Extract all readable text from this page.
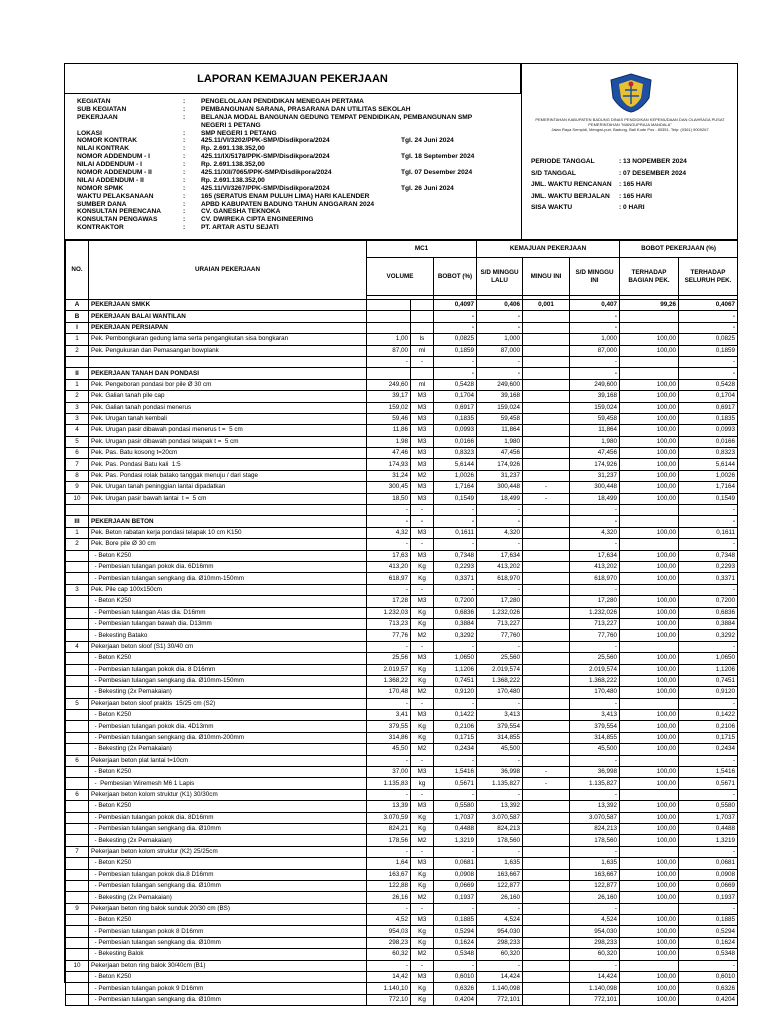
LAPORAN KEMAJUAN PEKERJAAN
PEMERINTAHAN KABUPATEN BADUNG DINAS PENDIDIKAN KEPEMUDAAN DAN OLAHRAGA PUSAT
PEMERINTAHAN "MANGUPRAJA MANDALA"
Jalan Raya Sempidi, Mengwi-puri, Badung, Bali Kode Pos : 80351, Telp: (0361) 9009267
KEGIATAN	PENGELOLAAN PENDIDIKAN MENEGAH PERTAMA
:
SUB KEGIATAN	PEMBANGUNAN SARANA, PRASARANA DAN UTILITAS SEKOLAH
:
PEKERJAAN	BELANJA MODAL BANGUNAN GEDUNG TEMPAT PENDIDIKAN, PEMBANGUNAN SMP
:
NEGERI 1 PETANG
LOKASI	SMP NEGERI 1 PETANG
:
NOMOR KONTRAK	425.11/VI/3202/PPK-SMP/Disdikpora/2024	Tgl. 24 Juni 2024
:
NILAI KONTRAK	Rp. 2.691.138.352,00
:
NOMOR ADDENDUM - I	425.11/IX/5178/PPK-SMP/Disdikpora/2024	Tgl. 18 September 2024
:
NILAI ADDENDUM - I	Rp. 2.691.138.352,00
:
NOMOR ADDENDUM - II	425.11/XII/7065/PPK-SMP/Disdikpora/2024	Tgl. 07 Desember 2024
:
NILAI ADDENDUM - II	Rp. 2.691.138.352,00
:
NOMOR SPMK	425.11/VI/3267/PPK-SMP/Disdikpora/2024	Tgl. 26 Juni 2024
:
WAKTU PELAKSANAAN	165 (SERATUS ENAM PULUH LIMA) HARI KALENDER
:
SUMBER DANA	APBD KABUPATEN BADUNG TAHUN ANGGARAN 2024
:
KONSULTAN PERENCANA	CV. GANESHA TEKNOKA
:
KONSULTAN PENGAWAS	CV. DWIREKA CIPTA ENGINEERING
:
KONTRAKTOR	PT. ARTAR ASTU SEJATI
:
PERIODE TANGGAL	: 13 NOPEMBER 2024
S/D TANGGAL	: 07 DESEMBER 2024
JML. WAKTU RENCANAN : 165 HARI
JML. WAKTU BERJALAN : 165 HARI
SISA WAKTU	: 0 HARI
NO.	URAIAN PEKERJAAN	MC1			KEMAJUAN PEKERJAAN			BOBOT PEKERJAAN (%)	
		VOLUME		BOBOT (%)	S/D MINGGU LALU	MINGU INI	S/D MINGGU INI	TERHADAP BAGIAN PEK.	TERHADAP SELURUH PEK.

A	PEKERJAAN SMKK			0,4097	0,406	0,001	0,407	99,26	0,4067
B	PEKERJAAN BALAI WANTILAN			-	-		-		-
I	PEKERJAAN PERSIAPAN			-	-		-		-
1	Pek. Pembongkaran gedung lama serta pengangkutan sisa bongkaran	1,00	ls	0,0825	1,000		1,000	100,00	0,0825
2	Pek. Pengukuran dan Pemasangan bowplank	87,00	ml	0,1859	87,000		87,000	100,00	0,1859
		-	-	-	-		-		-
II	PEKERJAAN TANAH DAN PONDASI			-	-		-		-
1	Pek. Pengeboran pondasi bor pile Ø 30 cm	249,60	ml	0,5428	249,600		249,600	100,00	0,5428
2	Pek. Galian tanah pile cap	39,17	M3	0,1704	39,168		39,168	100,00	0,1704
3	Pek. Galian tanah pondasi menerus	159,02	M3	0,6917	159,024		159,024	100,00	0,6917
3	Pek. Urugan tanah kembali	59,46	M3	0,1835	59,458		59,458	100,00	0,1835
4	Pek. Urugan pasir dibawah pondasi menerus t =  5 cm	11,86	M3	0,0993	11,864		11,864	100,00	0,0993
5	Pek. Urugan pasir dibawah pondasi telapak t =  5 cm	1,98	M3	0,0166	1,980		1,980	100,00	0,0166
6	Pek. Pas. Batu kosong t=20cm	47,46	M3	0,8323	47,456		47,456	100,00	0,8323
7	Pek. Pas. Pondasi Batu kali  1:5	174,93	M3	5,6144	174,926		174,926	100,00	5,6144
8	Pek. Pas. Pondasi rolak batako tanggak menuju / dari stage	31,24	M2	1,0026	31,237		31,237	100,00	1,0026
9	Pek. Urugan tanah peninggian lantai dipadatkan	300,45	M3	1,7164	300,448	-	300,448	100,00	1,7164
10	Pek. Urugan pasir bawah lantai  t =  5 cm	18,50	M3	0,1549	18,499	-	18,499	100,00	0,1549
		-	-	-	-		-		-
III	PEKERJAAN BETON	-	-	-	-		-		-
1	Pek. Beton rabatan kerja pondasi telapak 10 cm K150	4,32	M3	0,1611	4,320		4,320	100,00	0,1611
2	Pek. Bore pile Ø 30 cm	-	-	-	-		-		-
	- Beton K250	17,63	M3	0,7348	17,634		17,634	100,00	0,7348
	- Pembesian tulangan pokok dia. 6D16mm	413,20	Kg	0,2293	413,202		413,202	100,00	0,2293
	- Pembesian tulangan sengkang dia. Ø10mm-150mm	618,97	Kg	0,3371	618,970		618,970	100,00	0,3371
3	Pek. Pile cap 100x150cm	-	-	-	-		-		-
	- Beton K250	17,28	M3	0,7200	17,280		17,280	100,00	0,7200
	- Pembesian tulangan Atas dia. D16mm	1.232,03	Kg	0,6836	1.232,026		1.232,026	100,00	0,6836
	- Pembesian tulangan bawah dia. D13mm	713,23	Kg	0,3884	713,227		713,227	100,00	0,3884
	- Bekesting Batako	77,76	M2	0,3292	77,760		77,760	100,00	0,3292
4	Pekerjaan beton sloof (S1) 30/40 cm	-	-	-	-		-		-
	- Beton K250	25,56	M3	1,0650	25,560		25,560	100,00	1,0650
	- Pembesian tulangan pokok dia. 8 D16mm	2.019,57	Kg	1,1206	2.019,574		2.019,574	100,00	1,1206
	- Pembesian tulangan sengkang dia. Ø10mm-150mm	1.368,22	Kg	0,7451	1.368,222		1.368,222	100,00	0,7451
	- Bekesting (2x Pemakaian)	170,48	M2	0,9120	170,480		170,480	100,00	0,9120
5	Pekerjaan beton sloof praktis  15/25 cm (S2)	-	-	-	-		-		-
	- Beton K250	3,41	M3	0,1422	3,413		3,413	100,00	0,1422
	- Pembesian tulangan pokok dia. 4D13mm	379,55	Kg	0,2106	379,554		379,554	100,00	0,2106
	- Pembesian tulangan sengkang dia. Ø10mm-200mm	314,86	Kg	0,1715	314,855		314,855	100,00	0,1715
	- Bekesting (2x Pemakaian)	45,50	M2	0,2434	45,500		45,500	100,00	0,2434
6	Pekerjaan beton plat lantai t=10cm	-	-	-	-		-		-
	- Beton K250	37,00	M3	1,5416	36,998	-	36,998	100,00	1,5416
	-  Pembesian Wiremesh M6 1 Lapis	1.135,83	kg	0,5671	1.135,827	-	1.135,827	100,00	0,5671
6	Pekerjaan beton kolom struktur (K1) 30/30cm	-	-	-	-		-		-
	- Beton K250	13,39	M3	0,5580	13,392		13,392	100,00	0,5580
	- Pembesian tulangan pokok dia. 8D16mm	3.070,59	Kg	1,7037	3.070,587		3.070,587	100,00	1,7037
	- Pembesian tulangan sengkang dia. Ø10mm	824,21	Kg	0,4488	824,213		824,213	100,00	0,4488
	- Bekesting (2x Pemakaian)	178,56	M2	1,3219	178,560		178,560	100,00	1,3219
7	Pekerjaan beton kolom struktur (K2) 25/25cm	-	-	-	-		-		-
	- Beton K250	1,64	M3	0,0681	1,635		1,635	100,00	0,0681
	- Pembesian tulangan pokok dia.8 D16mm	163,67	Kg	0,0908	163,667		163,667	100,00	0,0908
	- Pembesian tulangan sengkang dia. Ø10mm	122,88	Kg	0,0669	122,877		122,877	100,00	0,0669
	- Bekesting (2x Pemakaian)	26,16	M2	0,1937	26,160		26,160	100,00	0,1937
9	Pekerjaan beton ring balok sunduk 20/30 cm (BS)	-	-	-	-		-		-
	- Beton K250	4,52	M3	0,1885	4,524		4,524	100,00	0,1885
	- Pembesian tulangan pokok 8 D16mm	954,03	Kg	0,5294	954,030		954,030	100,00	0,5294
	- Pembesian tulangan sengkang dia. Ø10mm	298,23	Kg	0,1624	298,233		298,233	100,00	0,1624
	- Bekesting Balok	60,32	M2	0,5348	60,320		60,320	100,00	0,5348
10	Pekerjaan beton ring balok 30/40cm (B1)	-	-	-	-		-		-
	- Beton K250	14,42	M3	0,6010	14,424		14,424	100,00	0,6010
	- Pembesian tulangan pokok 9 D16mm	1.140,10	Kg	0,6326	1.140,098		1.140,098	100,00	0,6326
	- Pembesian tulangan sengkang dia. Ø10mm	772,10	Kg	0,4204	772,101		772,101	100,00	0,4204
